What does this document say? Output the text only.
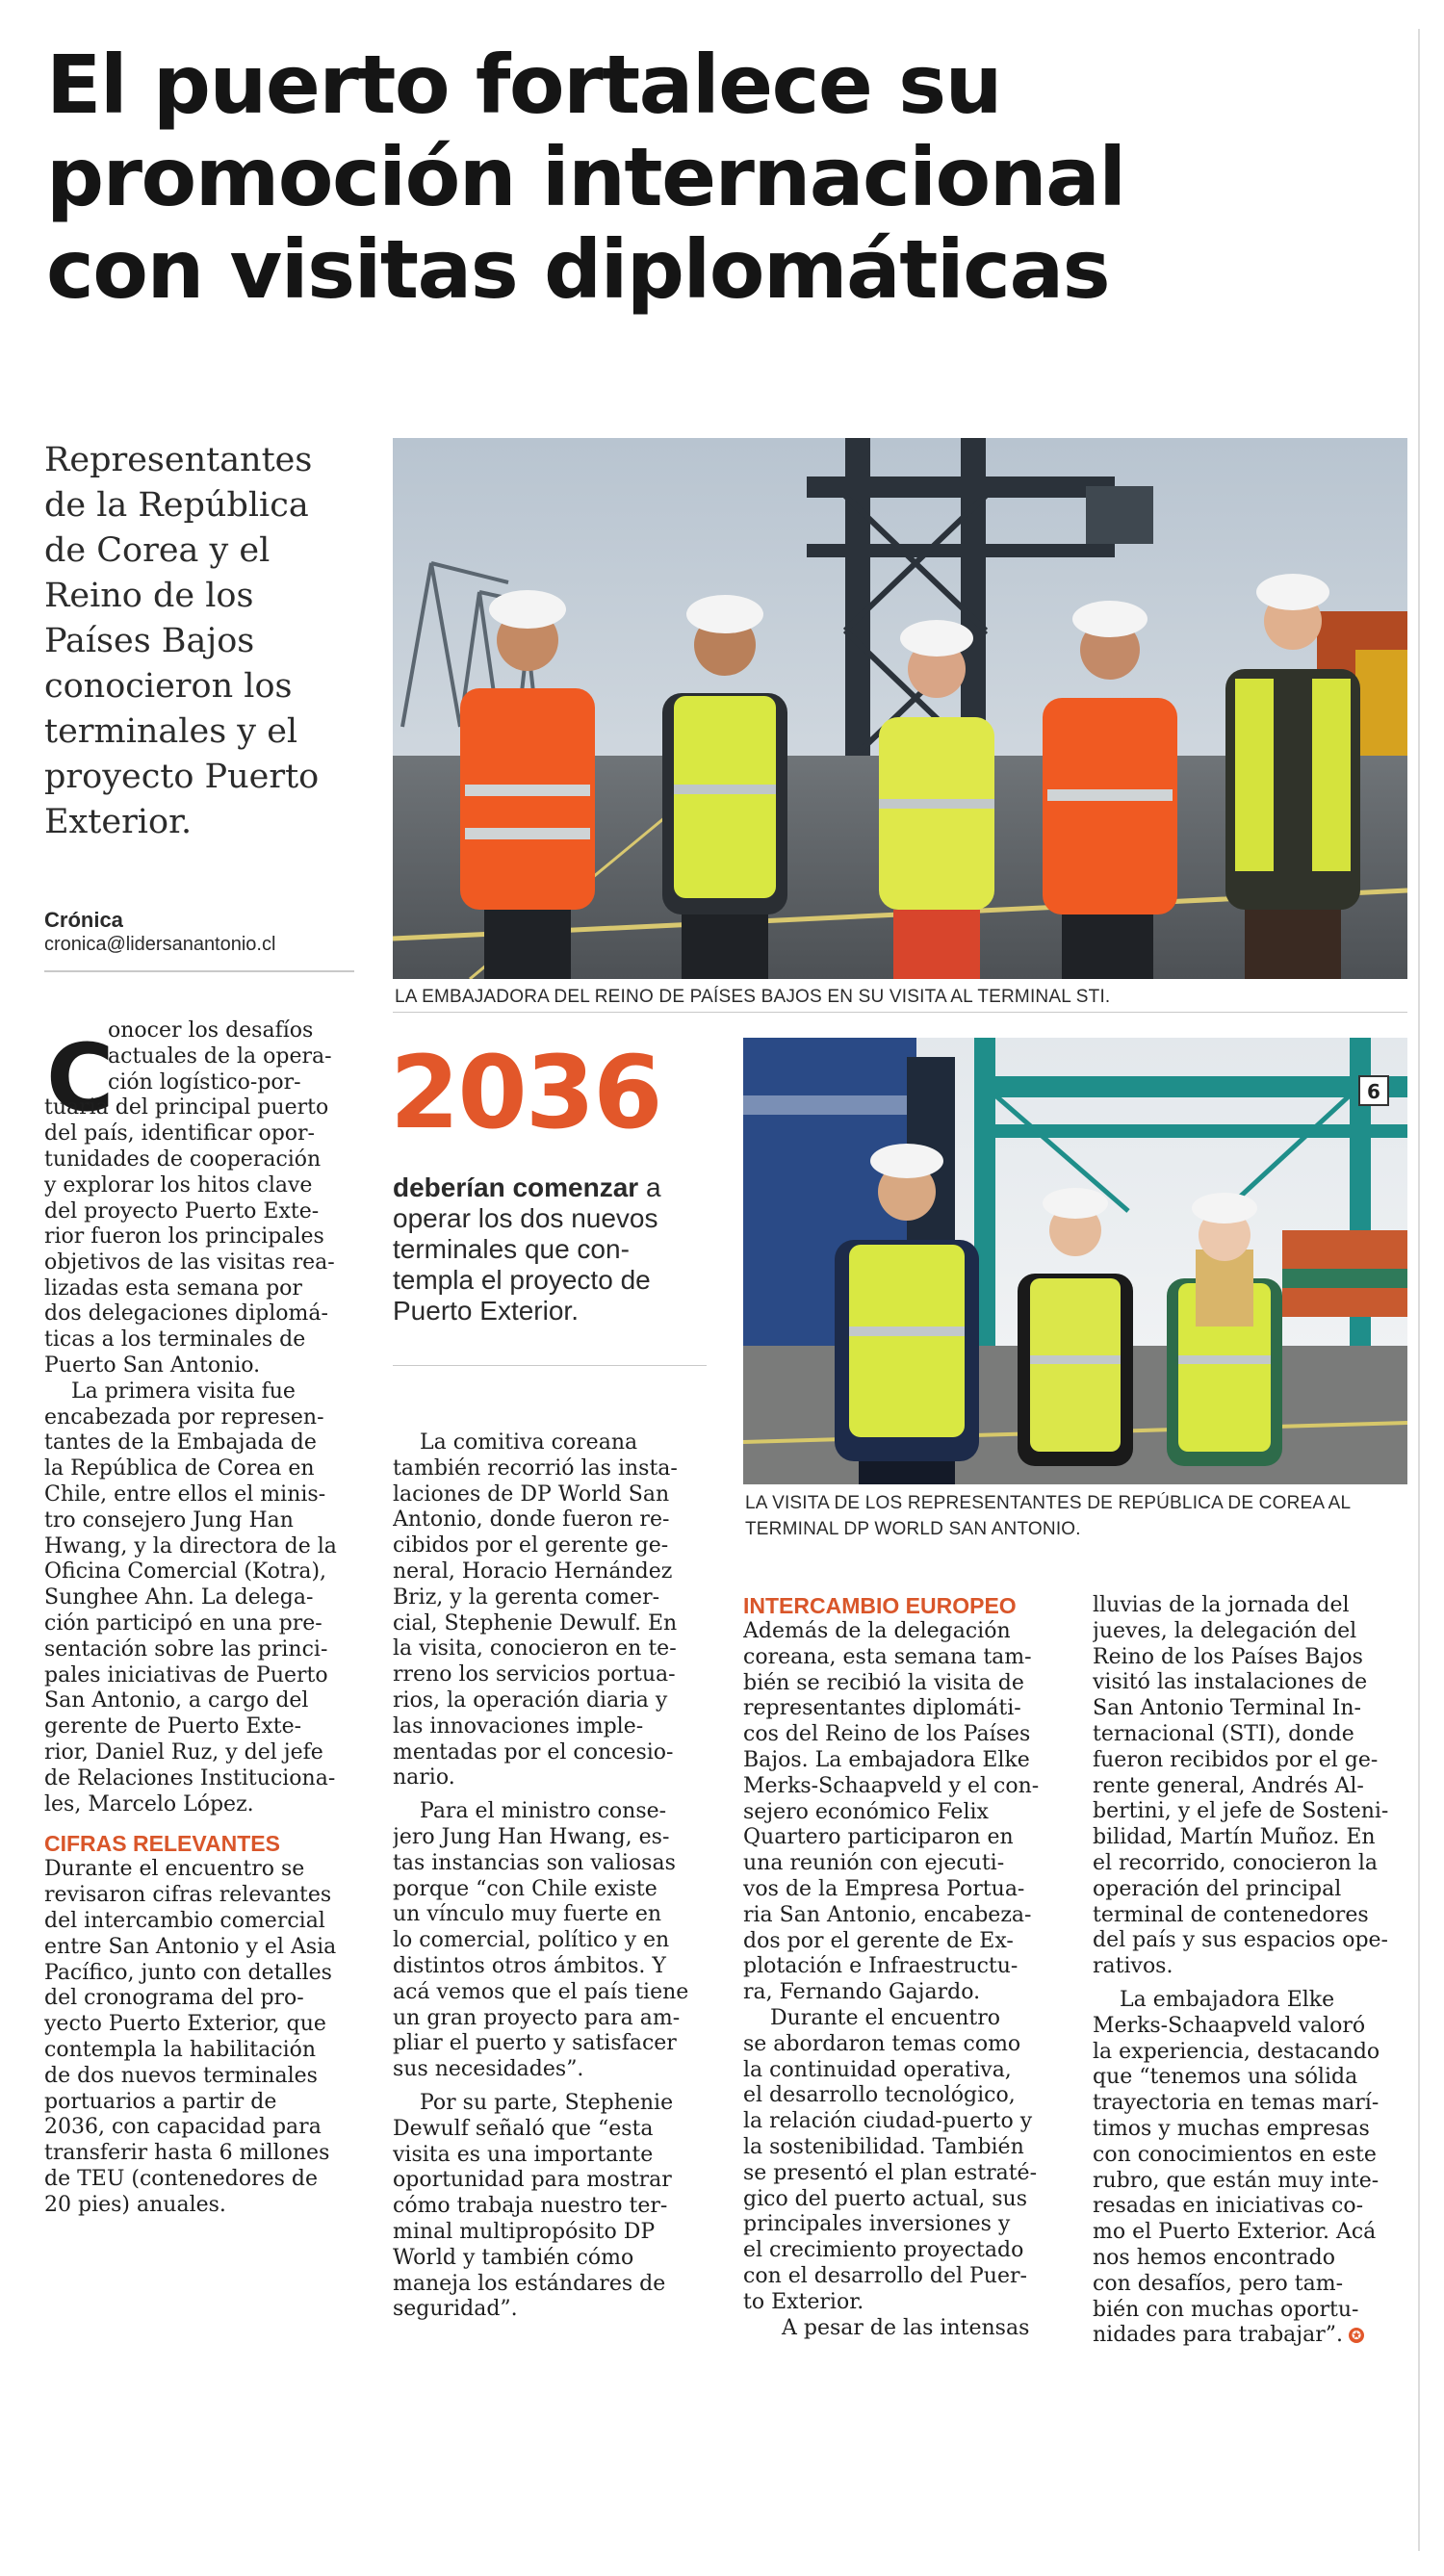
El puerto fortalece su
promoción internacional
con visitas diplomáticas
Representantes
de la República
de Corea y el
Reino de los
Países Bajos
conocieron los
terminales y el
proyecto Puerto
Exterior.
Crónica
cronica@lidersanantonio.cl
LA EMBAJADORA DEL REINO DE PAÍSES BAJOS EN SU VISITA AL TERMINAL STI.
2036
deberían comenzar a
operar los dos nuevos
terminales que con-
templa el proyecto de
Puerto Exterior.
6
LA VISITA DE LOS REPRESENTANTES DE REPÚBLICA DE COREA AL
TERMINAL DP WORLD SAN ANTONIO.
C
onocer los desafíos
actuales de la opera-
ción logístico-por-
tuaria del principal puerto
del país, identificar opor-
tunidades de cooperación
y explorar los hitos clave
del proyecto Puerto Exte-
rior fueron los principales
objetivos de las visitas rea-
lizadas esta semana por
dos delegaciones diplomá-
ticas a los terminales de
Puerto San Antonio.
La primera visita fue
encabezada por represen-
tantes de la Embajada de
la República de Corea en
Chile, entre ellos el minis-
tro consejero Jung Han
Hwang, y la directora de la
Oficina Comercial (Kotra),
Sunghee Ahn. La delega-
ción participó en una pre-
sentación sobre las princi-
pales iniciativas de Puerto
San Antonio, a cargo del
gerente de Puerto Exte-
rior, Daniel Ruz, y del jefe
de Relaciones Instituciona-
les, Marcelo López.
CIFRAS RELEVANTES
Durante el encuentro se
revisaron cifras relevantes
del intercambio comercial
entre San Antonio y el Asia
Pacífico, junto con detalles
del cronograma del pro-
yecto Puerto Exterior, que
contempla la habilitación
de dos nuevos terminales
portuarios a partir de
2036, con capacidad para
transferir hasta 6 millones
de TEU (contenedores de
20 pies) anuales.
La comitiva coreana
también recorrió las insta-
laciones de DP World San
Antonio, donde fueron re-
cibidos por el gerente ge-
neral, Horacio Hernández
Briz, y la gerenta comer-
cial, Stephenie Dewulf. En
la visita, conocieron en te-
rreno los servicios portua-
rios, la operación diaria y
las innovaciones imple-
mentadas por el concesio-
nario.
Para el ministro conse-
jero Jung Han Hwang, es-
tas instancias son valiosas
porque “con Chile existe
un vínculo muy fuerte en
lo comercial, político y en
distintos otros ámbitos. Y
acá vemos que el país tiene
un gran proyecto para am-
pliar el puerto y satisfacer
sus necesidades”.
Por su parte, Stephenie
Dewulf señaló que “esta
visita es una importante
oportunidad para mostrar
cómo trabaja nuestro ter-
minal multipropósito DP
World y también cómo
maneja los estándares de
seguridad”.
INTERCAMBIO EUROPEO
Además de la delegación
coreana, esta semana tam-
bién se recibió la visita de
representantes diplomáti-
cos del Reino de los Países
Bajos. La embajadora Elke
Merks-Schaapveld y el con-
sejero económico Felix
Quartero participaron en
una reunión con ejecuti-
vos de la Empresa Portua-
ria San Antonio, encabeza-
dos por el gerente de Ex-
plotación e Infraestructu-
ra, Fernando Gajardo.
Durante el encuentro
se abordaron temas como
la continuidad operativa,
el desarrollo tecnológico,
la relación ciudad-puerto y
la sostenibilidad. También
se presentó el plan estraté-
gico del puerto actual, sus
principales inversiones y
el crecimiento proyectado
con el desarrollo del Puer-
to Exterior.
A pesar de las intensas
lluvias de la jornada del
jueves, la delegación del
Reino de los Países Bajos
visitó las instalaciones de
San Antonio Terminal In-
ternacional (STI), donde
fueron recibidos por el ge-
rente general, Andrés Al-
bertini, y el jefe de Sosteni-
bilidad, Martín Muñoz. En
el recorrido, conocieron la
operación del principal
terminal de contenedores
del país y sus espacios ope-
rativos.
La embajadora Elke
Merks-Schaapveld valoró
la experiencia, destacando
que “tenemos una sólida
trayectoria en temas marí-
timos y muchas empresas
con conocimientos en este
rubro, que están muy inte-
resadas en iniciativas co-
mo el Puerto Exterior. Acá
nos hemos encontrado
con desafíos, pero tam-
bién con muchas oportu-
nidades para trabajar”. ✪
